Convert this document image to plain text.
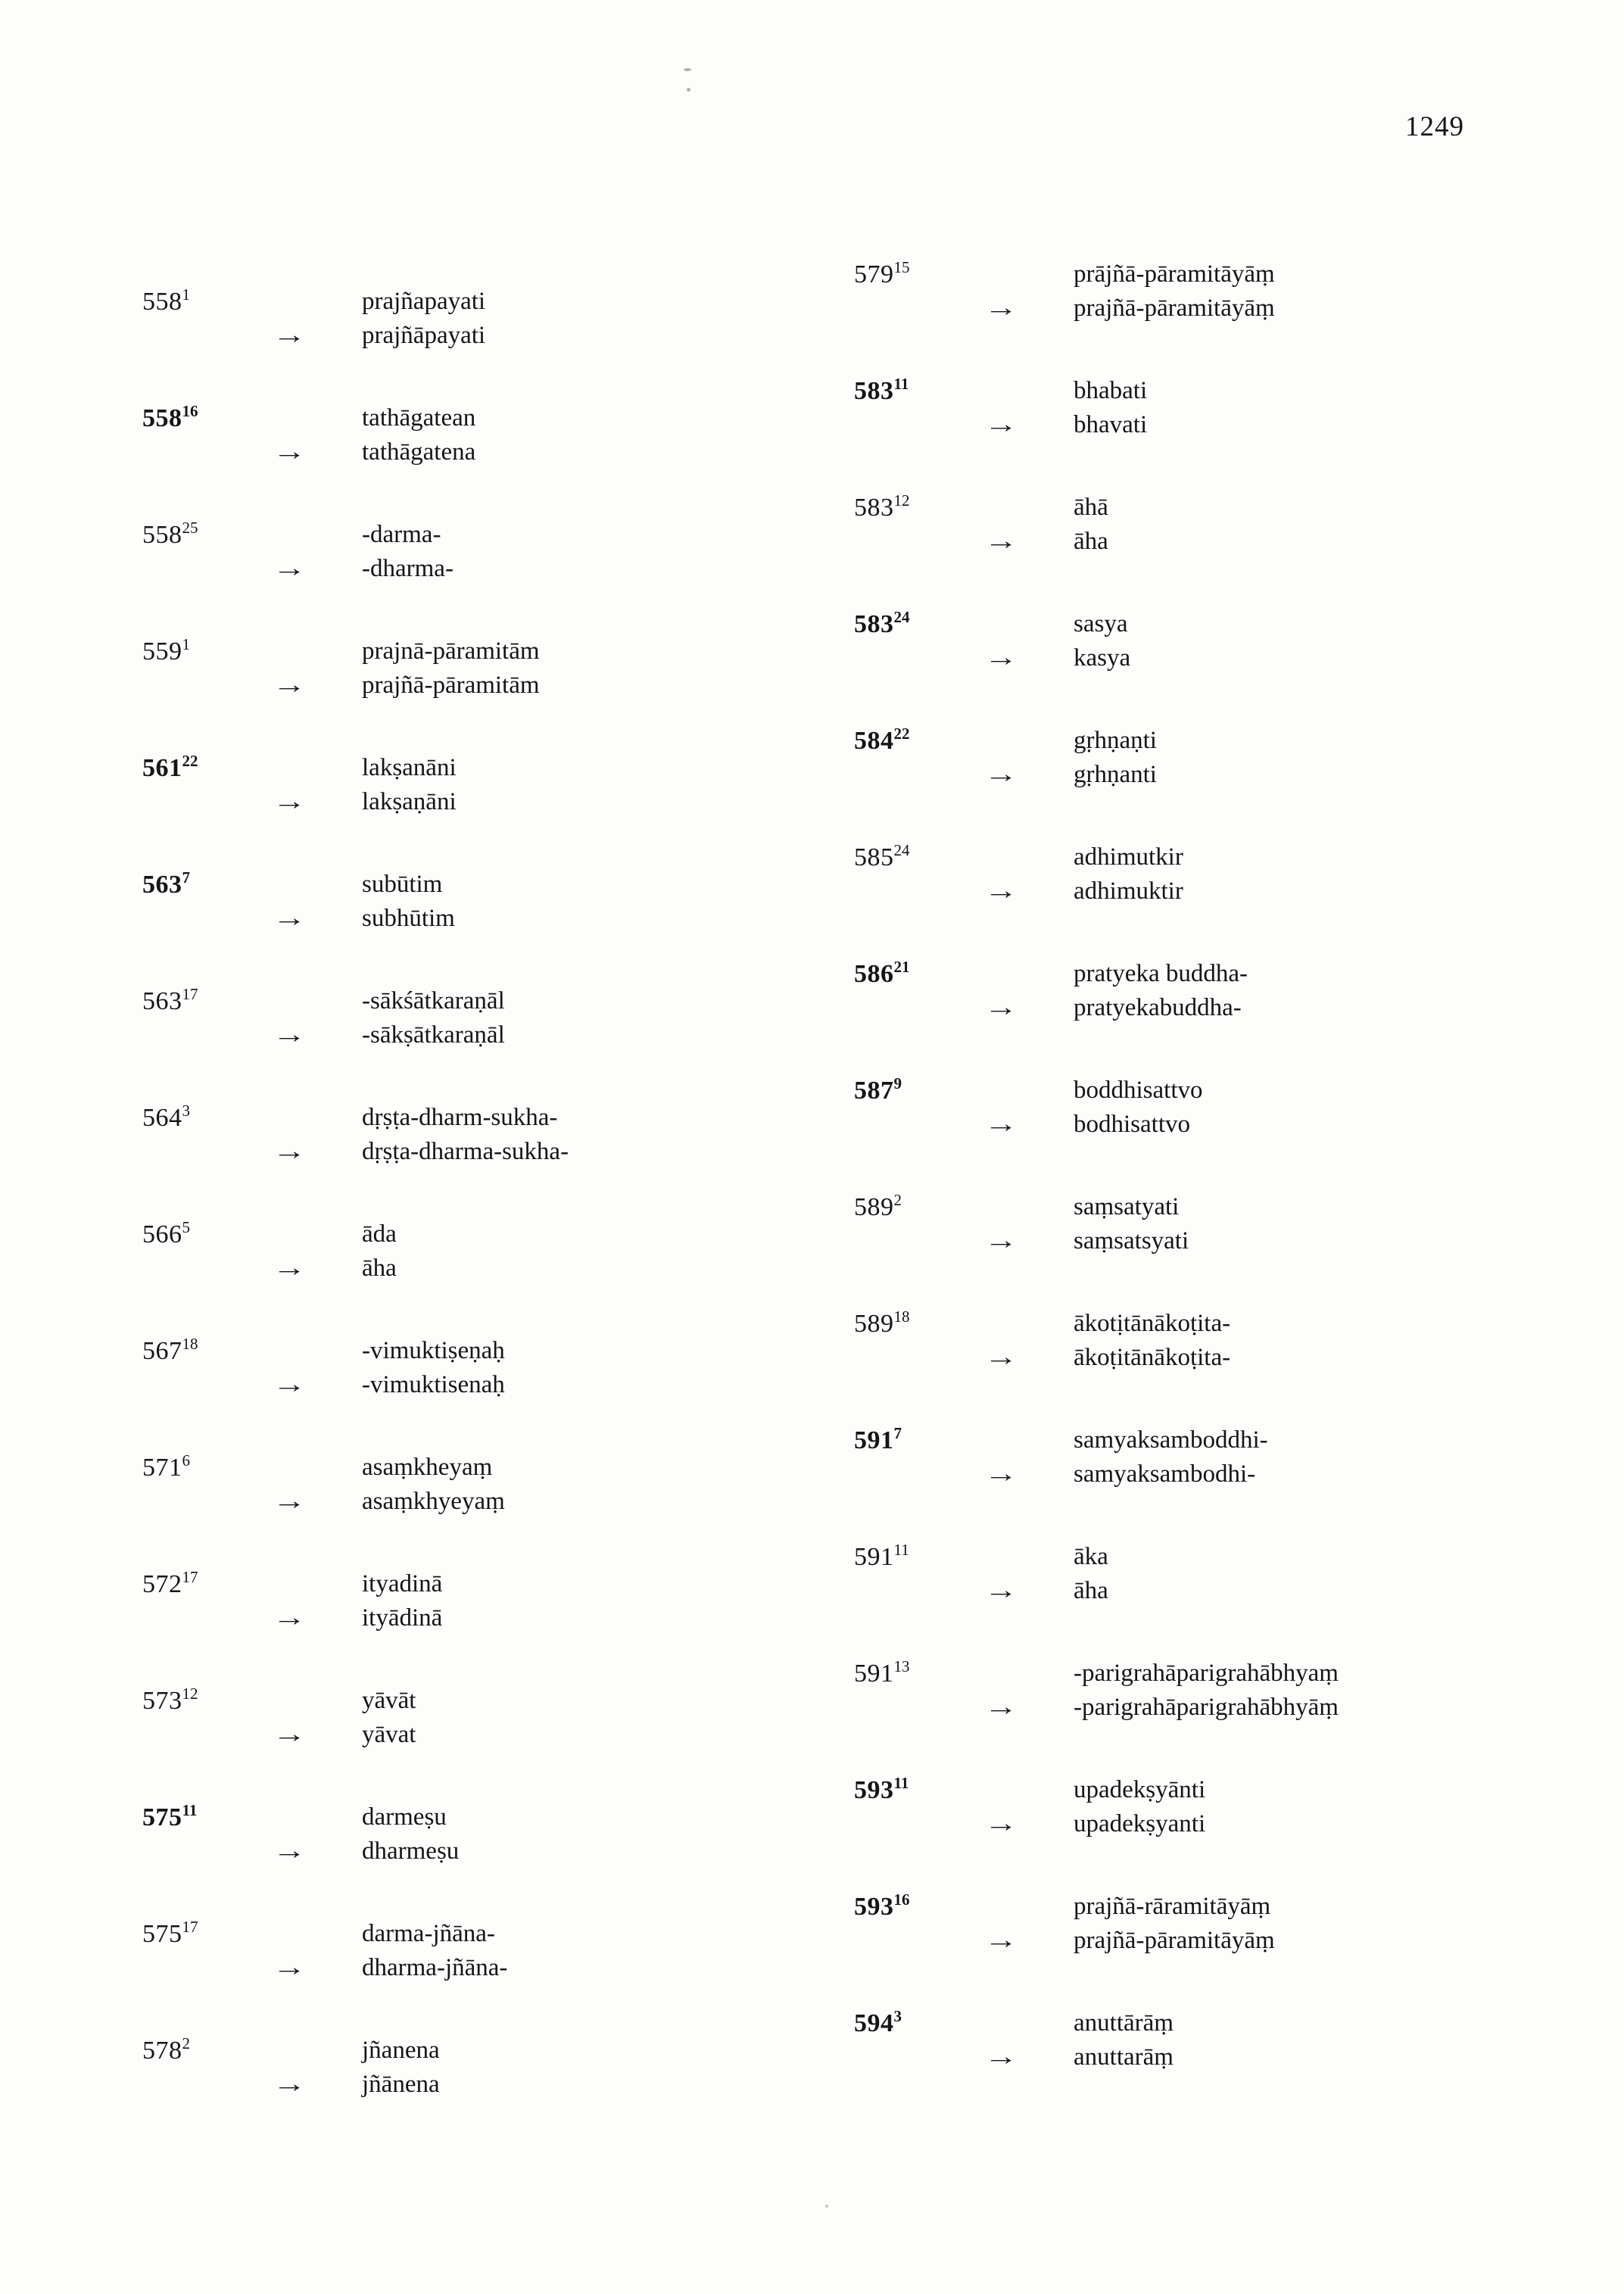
1249
$558^1$	prajñapayati
→	prajñāpayati
$558^{16}$	tathāgatean
→	tathāgatena
$558^{25}$	-darma-
→	-dharma-
$559^1$	prajnā-pāramitām
→	prajñā-pāramitām
$561^{22}$	lakṣanāni
→	lakṣaṇāni
$563^7$	subūtim
→	subhūtim
$563^{17}$	-sākśātkaraṇāl
→	-sākṣātkaraṇāl
$564^3$	dṛṣṭa-dharm-sukha-
→	dṛṣṭa-dharma-sukha-
$566^5$	āda
→	āha
$567^{18}$	-vimuktiṣeṇaḥ
→	-vimuktisenaḥ
$571^6$	asaṃkheyaṃ
→	asaṃkhyeyaṃ
$572^{17}$	ityadinā
→	ityādinā
$573^{12}$	yāvāt
→	yāvat
$575^{11}$	darmeṣu
→	dharmeṣu
$575^{17}$	darma-jñāna-
→	dharma-jñāna-
$578^2$	jñanena
→	jñānena
$579^{15}$	prājñā-pāramitāyāṃ
→	prajñā-pāramitāyāṃ
$583^{11}$	bhabati
→	bhavati
$583^{12}$	āhā
→	āha
$583^{24}$	sasya
→	kasya
$584^{22}$	gṛhṇaṇti
→	gṛhṇanti
$585^{24}$	adhimutkir
→	adhimuktir
$586^{21}$	pratyeka buddha-
→	pratyekabuddha-
$587^9$	boddhisattvo
→	bodhisattvo
$589^2$	saṃsatyati
→	saṃsatsyati
$589^{18}$	ākotịtānākoṭita-
→	ākoṭitānākoṭita-
$591^7$	samyaksamboddhi-
→	samyaksambodhi-
$591^{11}$	āka
→	āha
$591^{13}$	-parigrahāparigrahābhyaṃ
→	-parigrahāparigrahābhyāṃ
$593^{11}$	upadekṣyānti
→	upadekṣyanti
$593^{16}$	prajñā-rāramitāyāṃ
→	prajñā-pāramitāyāṃ
$594^3$	anuttārāṃ
→	anuttarāṃ
